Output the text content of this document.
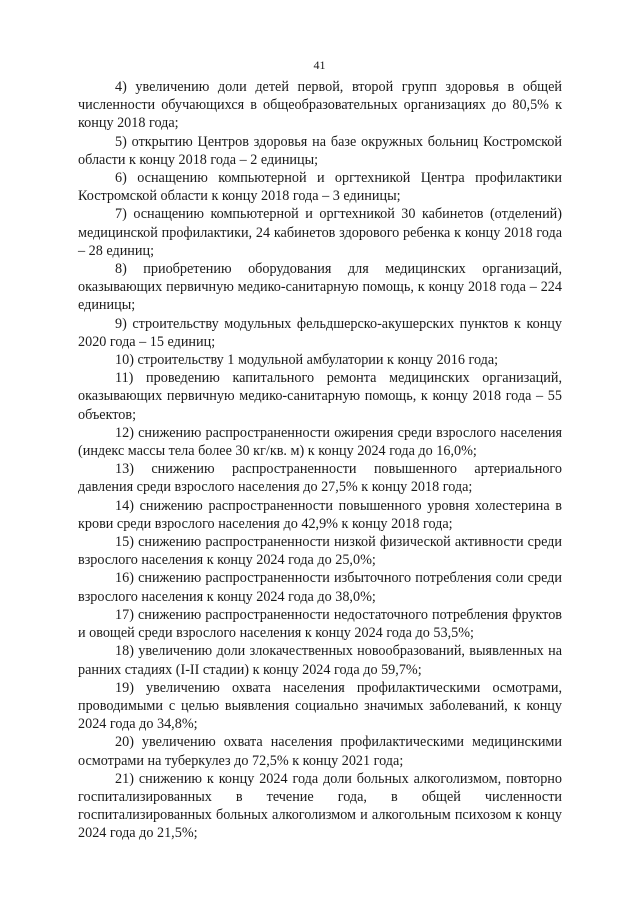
41

4) увеличению доли детей первой, второй групп здоровья в общей численности обучающихся в общеобразовательных организациях до 80,5% к концу 2018 года;

5) открытию Центров здоровья на базе окружных больниц Костромской области к концу 2018 года – 2 единицы;

6) оснащению компьютерной и оргтехникой Центра профилактики Костромской области к концу 2018 года – 3 единицы;

7) оснащению компьютерной и оргтехникой 30 кабинетов (отделений) медицинской профилактики, 24 кабинетов здорового ребенка к концу 2018 года – 28 единиц;

8) приобретению оборудования для медицинских организаций, оказывающих первичную медико-санитарную помощь, к концу 2018 года – 224 единицы;

9) строительству модульных фельдшерско-акушерских пунктов к концу 2020 года – 15 единиц;

10) строительству 1 модульной амбулатории к концу 2016 года;

11) проведению капитального ремонта медицинских организаций, оказывающих первичную медико-санитарную помощь, к концу 2018 года – 55 объектов;

12) снижению распространенности ожирения среди взрослого населения (индекс массы тела более 30 кг/кв. м) к концу 2024 года до 16,0%;

13) снижению распространенности повышенного артериального давления среди взрослого населения до 27,5% к концу 2018 года;

14) снижению распространенности повышенного уровня холестерина в крови среди взрослого населения до 42,9% к концу 2018 года;

15) снижению распространенности низкой физической активности среди взрослого населения к концу 2024 года до 25,0%;

16) снижению распространенности избыточного потребления соли среди взрослого населения к концу 2024 года до 38,0%;

17) снижению распространенности недостаточного потребления фруктов и овощей среди взрослого населения к концу 2024 года до 53,5%;

18) увеличению доли злокачественных новообразований, выявленных на ранних стадиях (I-II стадии) к концу 2024 года до 59,7%;

19) увеличению охвата населения профилактическими осмотрами, проводимыми с целью выявления социально значимых заболеваний, к концу 2024 года до 34,8%;

20) увеличению охвата населения профилактическими медицинскими осмотрами на туберкулез до 72,5% к концу 2021 года;

21) снижению к концу 2024 года доли больных алкоголизмом, повторно госпитализированных в течение года, в общей численности госпитализированных больных алкоголизмом и алкогольным психозом к концу 2024 года до 21,5%;
